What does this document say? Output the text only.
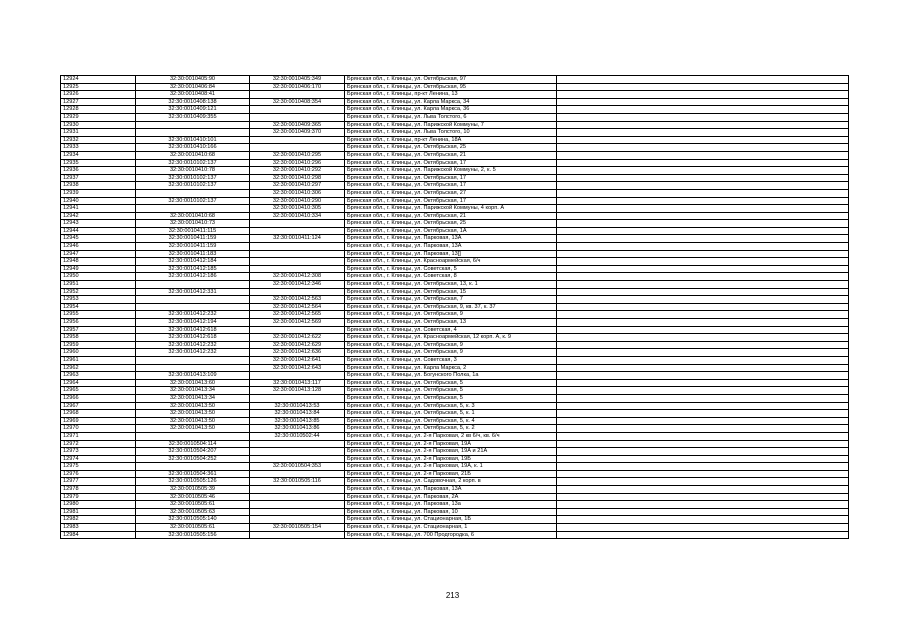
12924	32:30:0010405:90	32:30:0010405:349	Брянская обл., г. Клинцы, ул. Октябрьская, 97	
12925	32:30:0010406:84	32:30:0010406:170	Брянская обл., г. Клинцы, ул. Октябрьская, 95	
12926	32:30:0010408:41		Брянская обл., г. Клинцы, пр-кт Ленина, 13	
12927	32:30:0010408:138	32:30:0010408:354	Брянская обл., г. Клинцы, ул. Карла Маркса, 34	
12928	32:30:0010409:121		Брянская обл., г. Клинцы, ул. Карла Маркса, 36	
12929	32:30:0010409:355		Брянская обл., г. Клинцы, ул. Льва Толстого, 6	
12930		32:30:0010409:365	Брянская обл., г. Клинцы, ул. Парижской Коммуны, 7	
12931		32:30:0010409:370	Брянская обл., г. Клинцы, ул. Льва Толстого, 10	
12932	32:30:0010410:101		Брянская обл., г. Клинцы, пр-кт Ленина, 18А	
12933	32:30:0010410:166		Брянская обл., г. Клинцы, ул. Октябрьская, 25	
12934	32:30:0010410:68	32:30:0010410:295	Брянская обл., г. Клинцы, ул. Октябрьская, 21	
12935	32:30:0010102:137	32:30:0010410:296	Брянская обл., г. Клинцы, ул. Октябрьская, 17	
12936	32:30:0010410:78	32:30:0010410:292	Брянская обл., г. Клинцы, ул. Парижской Коммуны, 2, к. 5	
12937	32:30:0010102:137	32:30:0010410:298	Брянская обл., г. Клинцы, ул. Октябрьская, 17	
12938	32:30:0010102:137	32:30:0010410:297	Брянская обл., г. Клинцы, ул. Октябрьская, 17	
12939		32:30:0010410:306	Брянская обл., г. Клинцы, ул. Октябрьская, 27	
12940	32:30:0010102:137	32:30:0010410:290	Брянская обл., г. Клинцы, ул. Октябрьская, 17	
12941		32:30:0010410:305	Брянская обл., г. Клинцы, ул. Парижской Коммуны, 4 корп. А	
12942	32:30:0010410:68	32:30:0010410:334	Брянская обл., г. Клинцы, ул. Октябрьская, 21	
12943	32:30:0010410:73		Брянская обл., г. Клинцы, ул. Октябрьская, 25	
12944	32:30:0010411:115		Брянская обл., г. Клинцы, ул. Октябрьская, 1А	
12945	32:30:0010411:159	32:30:0010411:124	Брянская обл., г. Клинцы, ул. Парковая, 13А	
12946	32:30:0010411:159		Брянская обл., г. Клинцы, ул. Парковая, 13А	
12947	32:30:0010411:183		Брянская обл., г. Клинцы, ул. Парковая, 13[]	
12948	32:30:0010412:184		Брянская обл., г. Клинцы, ул. Красноармейская, 6/ч	
12949	32:30:0010412:185		Брянская обл., г. Клинцы, ул. Советская, 5	
12950	32:30:0010412:186	32:30:0010412:308	Брянская обл., г. Клинцы, ул. Советская, 8	
12951		32:30:0010412:346	Брянская обл., г. Клинцы, ул. Октябрьская, 13, к. 1	
12952	32:30:0010412:331		Брянская обл., г. Клинцы, ул. Октябрьская, 15	
12953		32:30:0010412:563	Брянская обл., г. Клинцы, ул. Октябрьская, 7	
12954		32:30:0010412:564	Брянская обл., г. Клинцы, ул. Октябрьская, 9, кв. 37, к. 37	
12955	32:30:0010412:232	32:30:0010412:565	Брянская обл., г. Клинцы, ул. Октябрьская, 9	
12956	32:30:0010412:194	32:30:0010412:569	Брянская обл., г. Клинцы, ул. Октябрьская, 13	
12957	32:30:0010412:618		Брянская обл., г. Клинцы, ул. Советская, 4	
12958	32:30:0010412:618	32:30:0010412:622	Брянская обл., г. Клинцы, ул. Красноармейская, 12 корп. А, к. 9	
12959	32:30:0010412:232	32:30:0010412:629	Брянская обл., г. Клинцы, ул. Октябрьская, 9	
12960	32:30:0010412:232	32:30:0010412:636	Брянская обл., г. Клинцы, ул. Октябрьская, 9	
12961		32:30:0010412:641	Брянская обл., г. Клинцы, ул. Советская, 3	
12962		32:30:0010412:643	Брянская обл., г. Клинцы, ул. Карла Маркса, 2	
12963	32:30:0010413:109		Брянская обл., г. Клинцы, ул. Богунского Полка, 1а	
12964	32:30:0010413:60	32:30:0010413:117	Брянская обл., г. Клинцы, ул. Октябрьская, 5	
12965	32:30:0010413:34	32:30:0010413:128	Брянская обл., г. Клинцы, ул. Октябрьская, 5	
12966	32:30:0010413:34		Брянская обл., г. Клинцы, ул. Октябрьская, 5	
12967	32:30:0010413:50	32:30:0010413:53	Брянская обл., г. Клинцы, ул. Октябрьская, 5, к. 3	
12968	32:30:0010413:50	32:30:0010413:84	Брянская обл., г. Клинцы, ул. Октябрьская, 5, к. 1	
12969	32:30:0010413:50	32:30:0010413:85	Брянская обл., г. Клинцы, ул. Октябрьская, 5, к. 4	
12970	32:30:0010413:50	32:30:0010413:86	Брянская обл., г. Клинцы, ул. Октябрьская, 5, к. 2	
12971		32:30:0010502:44	Брянская обл., г. Клинцы, ул. 2-я Парковая, 2 кв 6/ч, кв. 6/ч	
12972	32:30:0010504:114		Брянская обл., г. Клинцы, ул. 2-я Парковая, 19А	
12973	32:30:0010504:207		Брянская обл., г. Клинцы, ул. 2-я Парковая, 19А и 21А	
12974	32:30:0010504:252		Брянская обл., г. Клинцы, ул. 2-я Парковая, 19Б	
12975		32:30:0010504:353	Брянская обл., г. Клинцы, ул. 2-я Парковая, 19А, к. 1	
12976	32:30:0010504:361		Брянская обл., г. Клинцы, ул. 2-я Парковая, 21Б	
12977	32:30:0010505:126	32:30:0010505:116	Брянская обл., г. Клинцы, ул. Садовочная, 2 корп. в	
12978	32:30:0010505:39		Брянская обл., г. Клинцы, ул. Парковая, 13А	
12979	32:30:0010505:46		Брянская обл., г. Клинцы, ул. Парковая, 2А	
12980	32:30:0010505:61		Брянская обл., г. Клинцы, ул. Парковая, 13а	
12981	32:30:0010505:63		Брянская обл., г. Клинцы, ул. Парковая, 10	
12982	32:30:0010505:140		Брянская обл., г. Клинцы, ул. Стационарная, 1Б	
12983	32:30:0010505:61	32:30:0010505:154	Брянская обл., г. Клинцы, ул. Стационарная, 1	
12984	32:30:0010505:156		Брянская обл., г. Клинцы, ул. 700 Продгородка, 6	
213
